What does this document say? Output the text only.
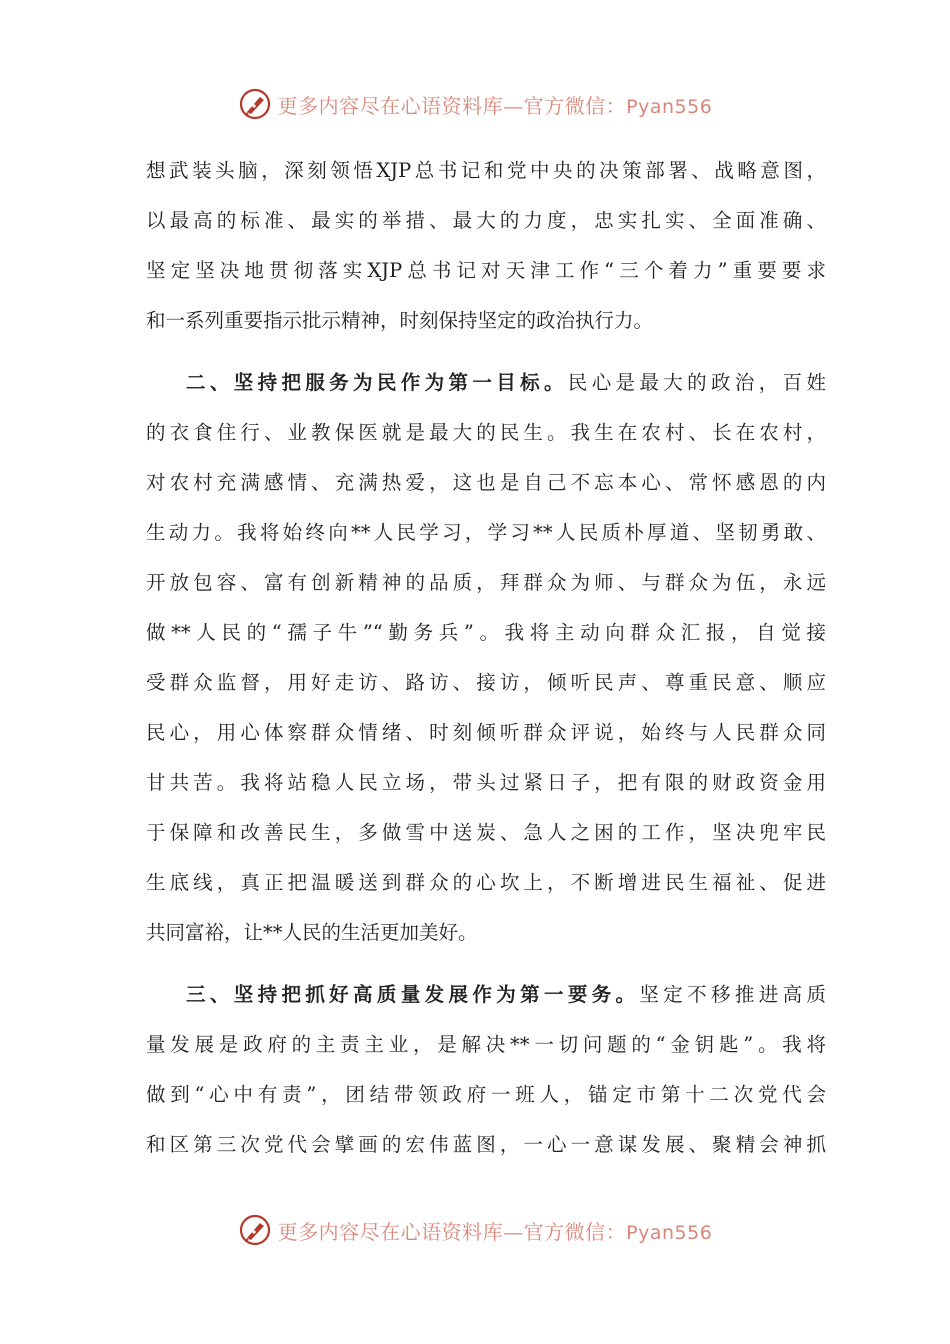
更多内容尽在心语资料库—官方微信：Pyan556
想武装头脑，深刻领悟XJP总书记和党中央的决策部署、战略意图，
以最高的标准、最实的举措、最大的力度，忠实扎实、全面准确、
坚定坚决地贯彻落实XJP总书记对天津工作“三个着力”重要要求
和一系列重要指示批示精神，时刻保持坚定的政治执行力。
二、坚持把服务为民作为第一目标。民心是最大的政治，百姓
的衣食住行、业教保医就是最大的民生。我生在农村、长在农村，
对农村充满感情、充满热爱，这也是自己不忘本心、常怀感恩的内
生动力。我将始终向**人民学习，学习**人民质朴厚道、坚韧勇敢、
开放包容、富有创新精神的品质，拜群众为师、与群众为伍，永远
做**人民的“孺子牛”“勤务兵”。我将主动向群众汇报，自觉接
受群众监督，用好走访、路访、接访，倾听民声、尊重民意、顺应
民心，用心体察群众情绪、时刻倾听群众评说，始终与人民群众同
甘共苦。我将站稳人民立场，带头过紧日子，把有限的财政资金用
于保障和改善民生，多做雪中送炭、急人之困的工作，坚决兜牢民
生底线，真正把温暖送到群众的心坎上，不断增进民生福祉、促进
共同富裕，让**人民的生活更加美好。
三、坚持把抓好高质量发展作为第一要务。坚定不移推进高质
量发展是政府的主责主业，是解决**一切问题的“金钥匙”。我将
做到“心中有责”，团结带领政府一班人，锚定市第十二次党代会
和区第三次党代会擘画的宏伟蓝图，一心一意谋发展、聚精会神抓
更多内容尽在心语资料库—官方微信：Pyan556
